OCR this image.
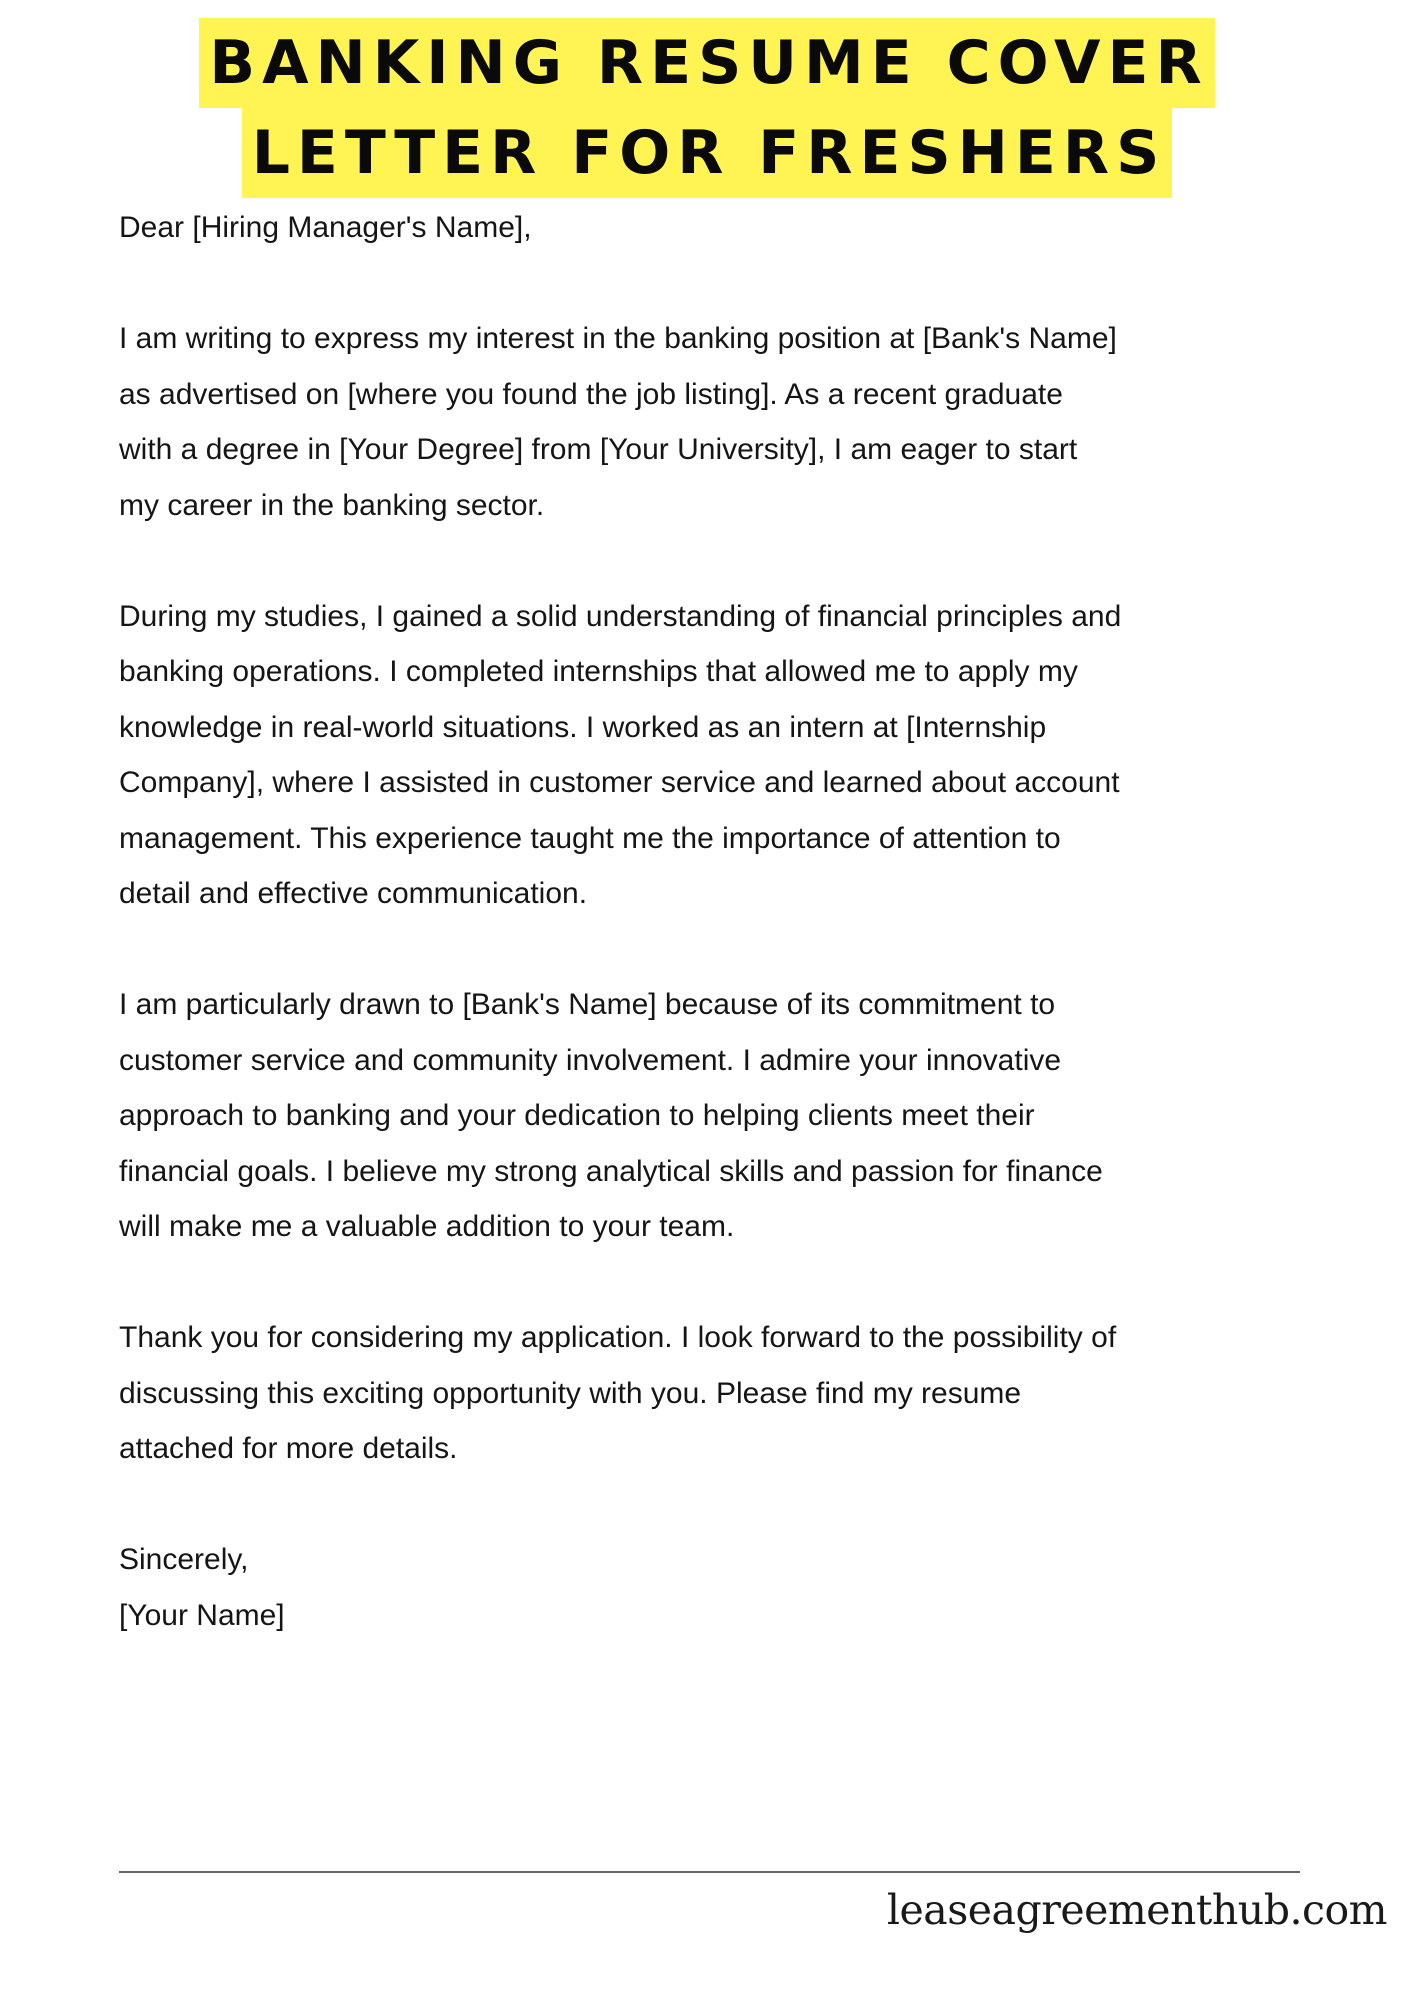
BANKING RESUME COVER
LETTER FOR FRESHERS

Dear [Hiring Manager's Name],

I am writing to express my interest in the banking position at [Bank's Name]
as advertised on [where you found the job listing]. As a recent graduate
with a degree in [Your Degree] from [Your University], I am eager to start
my career in the banking sector.

During my studies, I gained a solid understanding of financial principles and
banking operations. I completed internships that allowed me to apply my
knowledge in real-world situations. I worked as an intern at [Internship
Company], where I assisted in customer service and learned about account
management. This experience taught me the importance of attention to
detail and effective communication.

I am particularly drawn to [Bank's Name] because of its commitment to
customer service and community involvement. I admire your innovative
approach to banking and your dedication to helping clients meet their
financial goals. I believe my strong analytical skills and passion for finance
will make me a valuable addition to your team.

Thank you for considering my application. I look forward to the possibility of
discussing this exciting opportunity with you. Please find my resume
attached for more details.

Sincerely,
[Your Name]

leaseagreementhub.com
